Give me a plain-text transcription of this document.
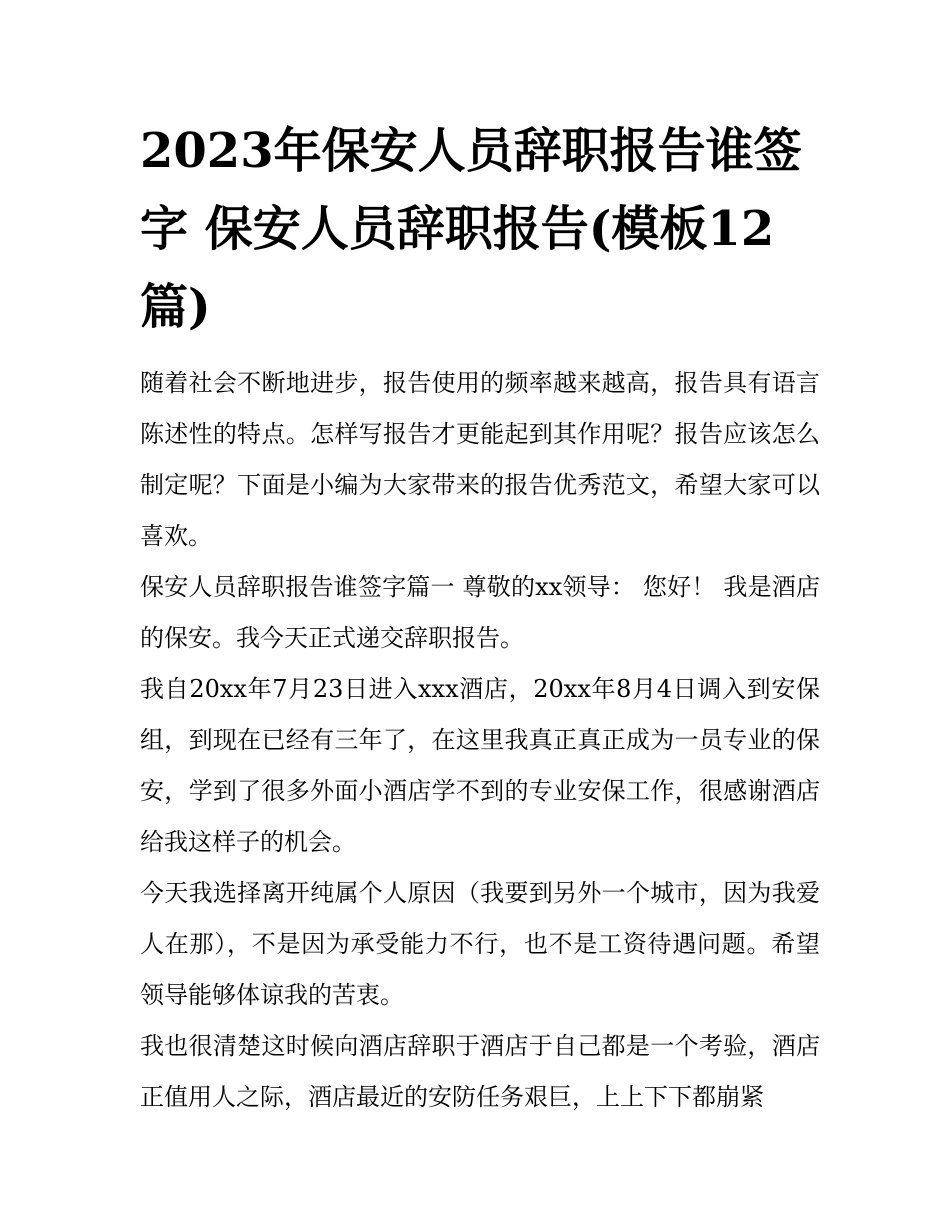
2023年保安人员辞职报告谁签字 保安人员辞职报告(模板12篇)

随着社会不断地进步，报告使用的频率越来越高，报告具有语言陈述性的特点。怎样写报告才更能起到其作用呢？报告应该怎么制定呢？下面是小编为大家带来的报告优秀范文，希望大家可以喜欢。

保安人员辞职报告谁签字篇一 尊敬的xx领导： 您好！ 我是酒店的保安。我今天正式递交辞职报告。

我自20xx年7月23日进入xxx酒店，20xx年8月4日调入到安保组，到现在已经有三年了，在这里我真正真正成为一员专业的保安，学到了很多外面小酒店学不到的专业安保工作，很感谢酒店给我这样子的机会。

今天我选择离开纯属个人原因（我要到另外一个城市，因为我爱人在那），不是因为承受能力不行，也不是工资待遇问题。希望领导能够体谅我的苦衷。

我也很清楚这时候向酒店辞职于酒店于自己都是一个考验，酒店正值用人之际，酒店最近的安防任务艰巨，上上下下都崩紧
